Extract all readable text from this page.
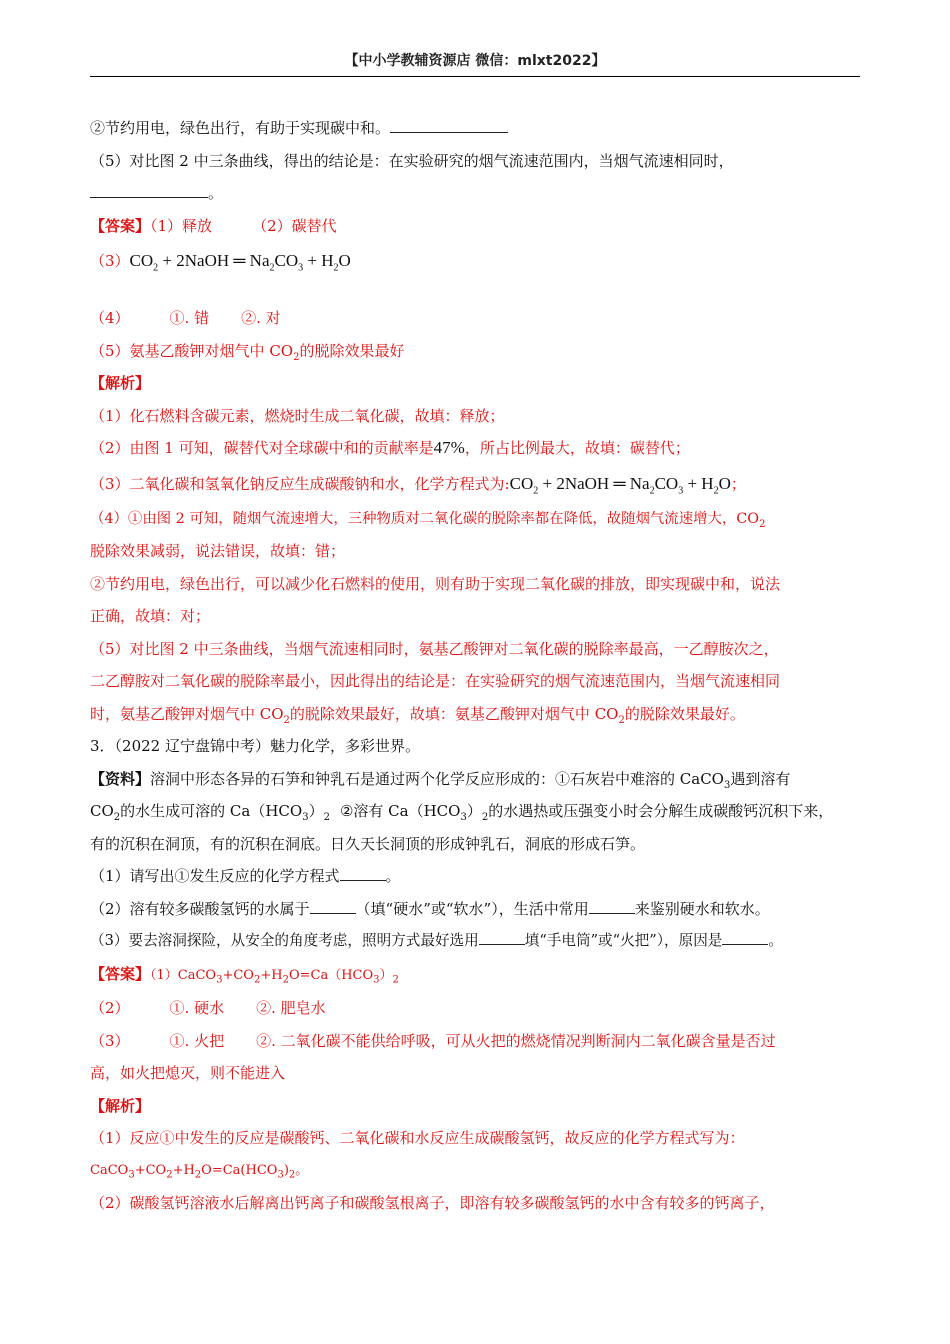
【中小学教辅资源店 微信：mlxt2022】

②节约用电，绿色出行，有助于实现碳中和。

（5）对比图 2 中三条曲线，得出的结论是：在实验研究的烟气流速范围内，当烟气流速相同时，

。

【答案】（1）释放	（2）碳替代

$(3)CO_2$ + 2NaOH ═ $Na_2CO_3 + H_2O$

（4）	①. 错 ②. 对

（5）氨基乙酸钾对烟气中 $CO_2$的脱除效果最好

【解析】

（1）化石燃料含碳元素，燃烧时生成二氧化碳，故填：释放；

（2）由图 1 可知，碳替代对全球碳中和的贡献率是47%，所占比例最大，故填：碳替代；

（3）二氧化碳和氢氧化钠反应生成碳酸钠和水，化学方程式为$:CO_2$ + 2NaOH ═ $Na_2CO_3 + H_2O$；

（4）①由图 2 可知，随烟气流速增大，三种物质对二氧化碳的脱除率都在降低，故随烟气流速增大，$CO_2$

脱除效果减弱，说法错误，故填：错；

②节约用电，绿色出行，可以减少化石燃料的使用，则有助于实现二氧化碳的排放，即实现碳中和，说法

正确，故填：对；

（5）对比图 2 中三条曲线，当烟气流速相同时，氨基乙酸钾对二氧化碳的脱除率最高，一乙醇胺次之，

二乙醇胺对二氧化碳的脱除率最小，因此得出的结论是：在实验研究的烟气流速范围内，当烟气流速相同

时，氨基乙酸钾对烟气中 $CO_2$的脱除效果最好，故填：氨基乙酸钾对烟气中 $CO_2$的脱除效果最好。

3．（2022 辽宁盘锦中考）魅力化学，多彩世界。

【资料】溶洞中形态各异的石笋和钟乳石是通过两个化学反应形成的：①石灰岩中难溶的 CaCO$_3$遇到溶有

$CO_2$的水生成可溶的 $Ca(HCO_3)_2$ ②溶有 $Ca(HCO_3)_2$的水遇热或压强变小时会分解生成碳酸钙沉积下来，

有的沉积在洞顶，有的沉积在洞底。日久天长洞顶的形成钟乳石，洞底的形成石笋。

（1）请写出①发生反应的化学方程式	。

（2）溶有较多碳酸氢钙的水属于	（填“硬水”或“软水”），生活中常用	来鉴别硬水和软水。

（3）要去溶洞探险，从安全的角度考虑，照明方式最好选用	填“手电筒”或“火把”），原因是	。

【答案】$(1)CaCO_3+CO_2+H_2O=Ca(HCO_3)_2$

（2）	①. 硬水 ②. 肥皂水

（3）	①. 火把 ②. 二氧化碳不能供给呼吸，可从火把的燃烧情况判断洞内二氧化碳含量是否过

高，如火把熄灭，则不能进入

【解析】

（1）反应①中发生的反应是碳酸钙、二氧化碳和水反应生成碳酸氢钙，故反应的化学方程式写为：

$CaCO_3+CO_2+H_2O=Ca(HCO_3)_2$。

（2）碳酸氢钙溶液水后解离出钙离子和碳酸氢根离子，即溶有较多碳酸氢钙的水中含有较多的钙离子，
